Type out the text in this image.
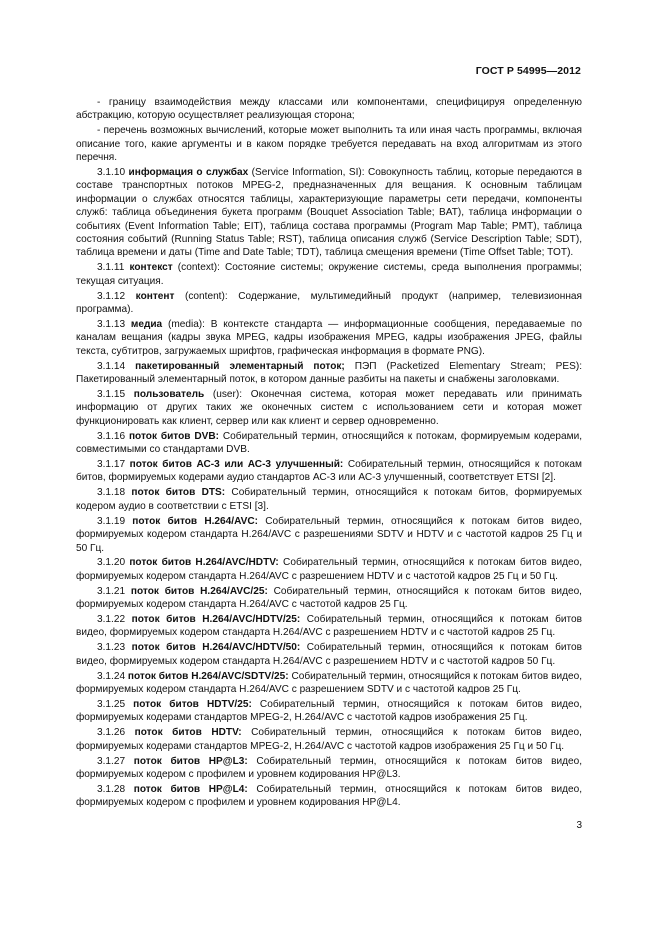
ГОСТ Р 54995—2012

- границу взаимодействия между классами или компонентами, специфицируя определенную абстракцию, которую осуществляет реализующая сторона;

- перечень возможных вычислений, которые может выполнить та или иная часть программы, включая описание того, какие аргументы и в каком порядке требуется передавать на вход алгоритмам из этого перечня.

3.1.10 информация о службах (Service Information, SI): Совокупность таблиц, которые передаются в составе транспортных потоков MPEG-2, предназначенных для вещания. К основным таблицам информации о службах относятся таблицы, характеризующие параметры сети передачи, компоненты служб: таблица объединения букета программ (Bouquet Association Table; BAT), таблица информации о событиях (Event Information Table; EIT), таблица состава программы (Program Map Table; PMT), таблица состояния событий (Running Status Table; RST), таблица описания служб (Service Description Table; SDT), таблица времени и даты (Time and Date Table; TDT), таблица смещения времени (Time Offset Table; TOT).

3.1.11 контекст (context): Состояние системы; окружение системы, среда выполнения программы; текущая ситуация.

3.1.12 контент (content): Содержание, мультимедийный продукт (например, телевизионная программа).

3.1.13 медиа (media): В контексте стандарта — информационные сообщения, передаваемые по каналам вещания (кадры звука MPEG, кадры изображения MPEG, кадры изображения JPEG, файлы текста, субтитров, загружаемых шрифтов, графическая информация в формате PNG).

3.1.14 пакетированный элементарный поток; ПЭП (Packetized Elementary Stream; PES): Пакетированный элементарный поток, в котором данные разбиты на пакеты и снабжены заголовками.

3.1.15 пользователь (user): Оконечная система, которая может передавать или принимать информацию от других таких же оконечных систем с использованием сети и которая может функционировать как клиент, сервер или как клиент и сервер одновременно.

3.1.16 поток битов DVB: Собирательный термин, относящийся к потокам, формируемым кодерами, совместимыми со стандартами DVB.

3.1.17 поток битов АС-3 или АС-3 улучшенный: Собирательный термин, относящийся к потокам битов, формируемых кодерами аудио стандартов АС-3 или АС-3 улучшенный, соответствует ETSI [2].

3.1.18 поток битов DTS: Собирательный термин, относящийся к потокам битов, формируемых кодером аудио в соответствии с ETSI [3].

3.1.19 поток битов H.264/AVC: Собирательный термин, относящийся к потокам битов видео, формируемых кодером стандарта H.264/AVC с разрешениями SDTV и HDTV и с частотой кадров 25 Гц и 50 Гц.

3.1.20 поток битов H.264/AVC/HDTV: Собирательный термин, относящийся к потокам битов видео, формируемых кодером стандарта H.264/AVC с разрешением HDTV и с частотой кадров 25 Гц и 50 Гц.

3.1.21 поток битов H.264/AVC/25: Собирательный термин, относящийся к потокам битов видео, формируемых кодером стандарта H.264/AVC с частотой кадров 25 Гц.

3.1.22 поток битов H.264/AVC/HDTV/25: Собирательный термин, относящийся к потокам битов видео, формируемых кодером стандарта H.264/AVC с разрешением HDTV и с частотой кадров 25 Гц.

3.1.23 поток битов H.264/AVC/HDTV/50: Собирательный термин, относящийся к потокам битов видео, формируемых кодером стандарта H.264/AVC с разрешением HDTV и с частотой кадров 50 Гц.

3.1.24 поток битов H.264/AVC/SDTV/25: Собирательный термин, относящийся к потокам битов видео, формируемых кодером стандарта H.264/AVC с разрешением SDTV и с частотой кадров 25 Гц.

3.1.25 поток битов HDTV/25: Собирательный термин, относящийся к потокам битов видео, формируемых кодерами стандартов MPEG-2, H.264/AVC с частотой кадров изображения 25 Гц.

3.1.26 поток битов HDTV: Собирательный термин, относящийся к потокам битов видео, формируемых кодерами стандартов MPEG-2, H.264/AVC с частотой кадров изображения 25 Гц и 50 Гц.

3.1.27 поток битов HP@L3: Собирательный термин, относящийся к потокам битов видео, формируемых кодером с профилем и уровнем кодирования HP@L3.

3.1.28 поток битов HP@L4: Собирательный термин, относящийся к потокам битов видео, формируемых кодером с профилем и уровнем кодирования HP@L4.

3
